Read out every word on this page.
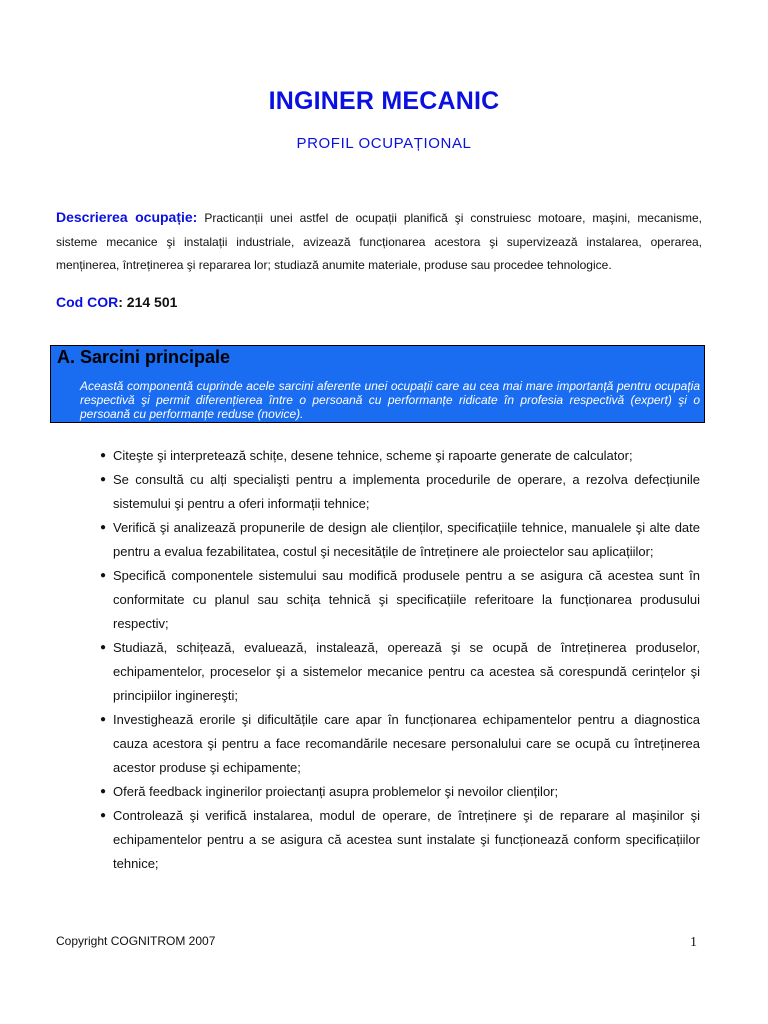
INGINER MECANIC
PROFIL OCUPAȚIONAL
Descrierea ocupație: Practicanții unei astfel de ocupații planifică şi construiesc motoare, maşini, mecanisme, sisteme mecanice şi instalații industriale, avizează funcționarea acestora şi supervizează instalarea, operarea, menținerea, întreținerea şi repararea lor; studiază anumite materiale, produse sau procedee tehnologice.
Cod COR: 214 501
A. Sarcini principale
Această componentă cuprinde acele sarcini aferente unei ocupații care au cea mai mare importanță pentru ocupația respectivă şi permit diferențierea între o persoană cu performanțe ridicate în profesia respectivă (expert) şi o persoană cu performanțe reduse (novice).
● Citeşte şi interpretează schițe, desene tehnice, scheme şi rapoarte generate de calculator;
● Se consultă cu alți specialişti pentru a implementa procedurile de operare, a rezolva defecțiunile sistemului şi pentru a oferi informații tehnice;
● Verifică şi analizează propunerile de design ale clienților, specificațiile tehnice, manualele şi alte date pentru a evalua fezabilitatea, costul şi necesitățile de întreținere ale proiectelor sau aplicațiilor;
● Specifică componentele sistemului sau modifică produsele pentru a se asigura că acestea sunt în conformitate cu planul sau schița tehnică şi specificațiile referitoare la funcționarea produsului respectiv;
● Studiază, schițează, evaluează, instalează, operează şi se ocupă de întreținerea produselor, echipamentelor, proceselor şi a sistemelor mecanice pentru ca acestea să corespundă cerințelor şi principiilor inginereşti;
● Investighează erorile şi dificultățile care apar în funcționarea echipamentelor pentru a diagnostica cauza acestora şi pentru a face recomandările necesare personalului care se ocupă cu întreținerea acestor produse şi echipamente;
● Oferă feedback inginerilor proiectanți asupra problemelor şi nevoilor clienților;
● Controlează şi verifică instalarea, modul de operare, de întreținere şi de reparare al maşinilor şi echipamentelor pentru a se asigura că acestea sunt instalate şi funcționează conform specificațiilor tehnice;
Copyright COGNITROM 2007	1
